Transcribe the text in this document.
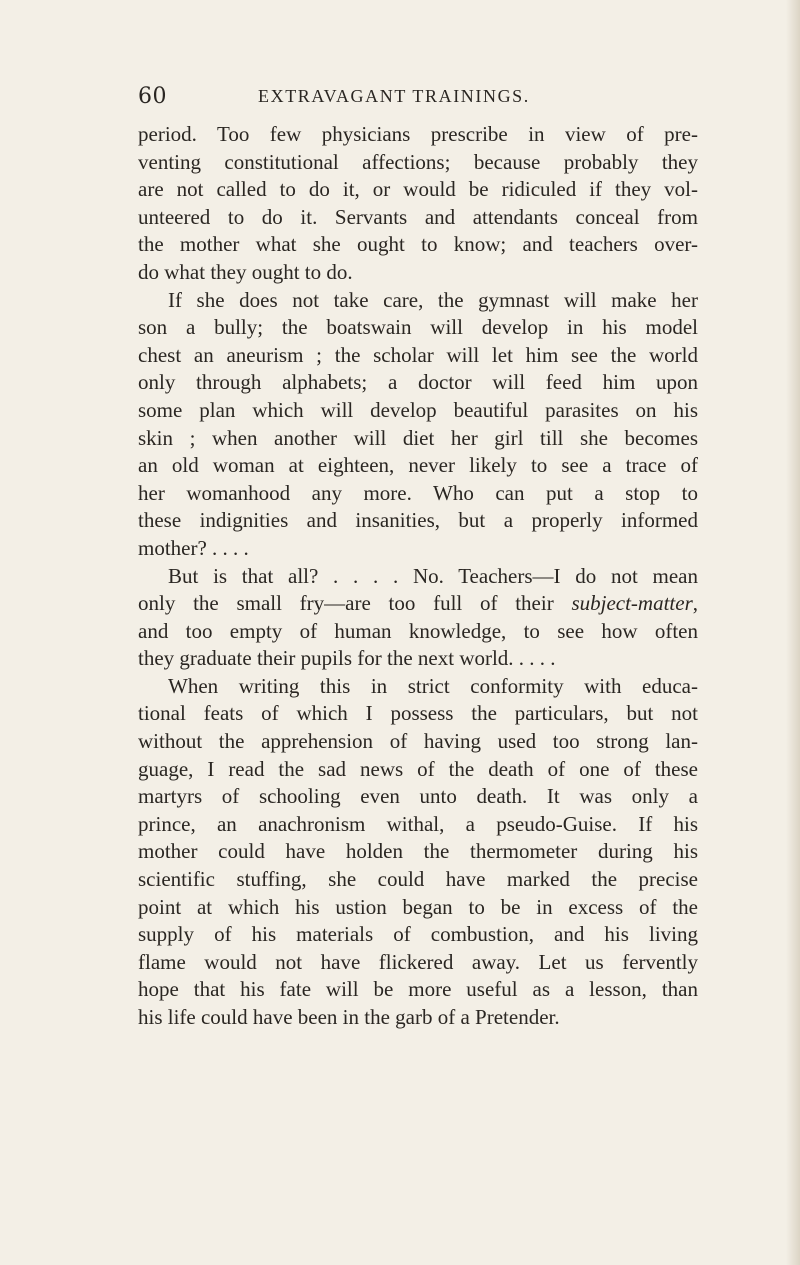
60	EXTRAVAGANT TRAININGS.
period. Too few physicians prescribe in view of pre-
venting constitutional affections; because probably they
are not called to do it, or would be ridiculed if they vol-
unteered to do it. Servants and attendants conceal from
the mother what she ought to know; and teachers over-
do what they ought to do.
If she does not take care, the gymnast will make her
son a bully; the boatswain will develop in his model
chest an aneurism ; the scholar will let him see the world
only through alphabets; a doctor will feed him upon
some plan which will develop beautiful parasites on his
skin ; when another will diet her girl till she becomes
an old woman at eighteen, never likely to see a trace of
her womanhood any more. Who can put a stop to
these indignities and insanities, but a properly informed
mother? . . . .
But is that all? . . . . No. Teachers—I do not mean
only the small fry—are too full of their subject-matter,
and too empty of human knowledge, to see how often
they graduate their pupils for the next world. . . . .
When writing this in strict conformity with educa-
tional feats of which I possess the particulars, but not
without the apprehension of having used too strong lan-
guage, I read the sad news of the death of one of these
martyrs of schooling even unto death. It was only a
prince, an anachronism withal, a pseudo-Guise. If his
mother could have holden the thermometer during his
scientific stuffing, she could have marked the precise
point at which his ustion began to be in excess of the
supply of his materials of combustion, and his living
flame would not have flickered away. Let us fervently
hope that his fate will be more useful as a lesson, than
his life could have been in the garb of a Pretender.
